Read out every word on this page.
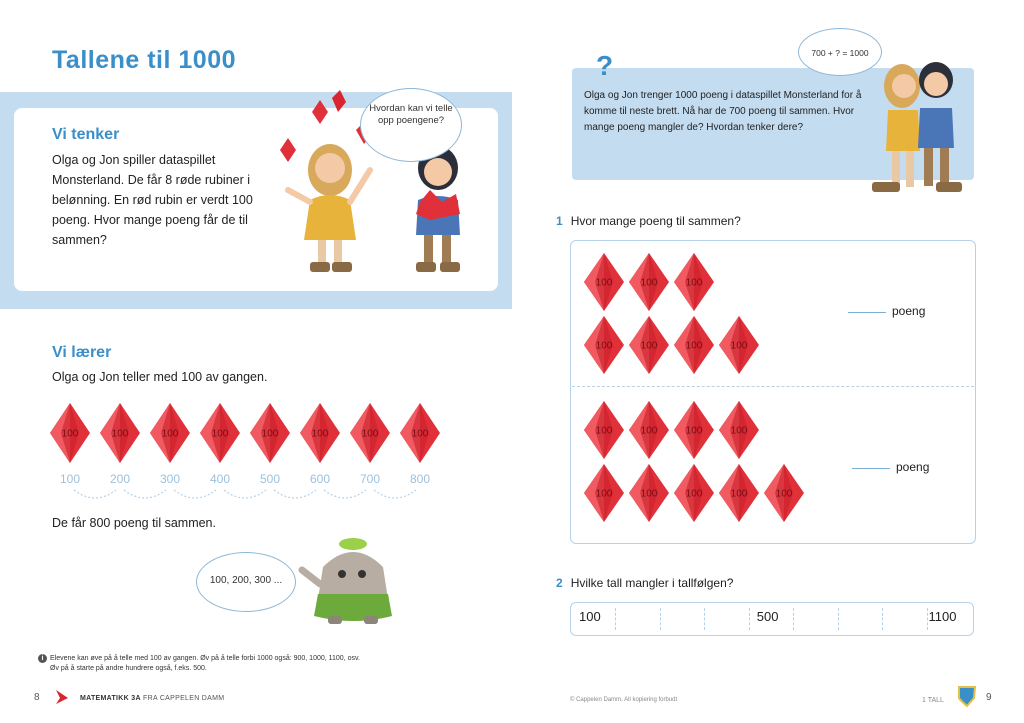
Tallene til 1000
Vi tenker
Olga og Jon spiller dataspillet Monsterland. De får 8 røde rubiner i belønning. En rød rubin er verdt 100 poeng. Hvor mange poeng får de til sammen?
Hvordan kan vi telle opp poengene?
Vi lærer
Olga og Jon teller med 100 av gangen.
100	100	100	100	100	100	100	100
100	200	300	400	500	600	700	800
De får 800 poeng til sammen.
100, 200, 300 ...
i Elevene kan øve på å telle med 100 av gangen. Øv på å telle forbi 1000 også: 900, 1000, 1100, osv.
Øv på å starte på andre hundrere også, f.eks. 500.
8	MATEMATIKK 3A FRA CAPPELEN DAMM
?
Olga og Jon trenger 1000 poeng i dataspillet Monsterland for å komme til neste brett. Nå har de 700 poeng til sammen. Hvor mange poeng mangler de? Hvordan tenker dere?
700 + ? = 1000
1 Hvor mange poeng til sammen?
100	100	100
100	100	100	100
100	100	100	100
100	100	100	100	100
poeng
poeng
2 Hvilke tall mangler i tallfølgen?
100	500	1100
© Cappelen Damm. All kopiering forbudt	1 TALL	9
